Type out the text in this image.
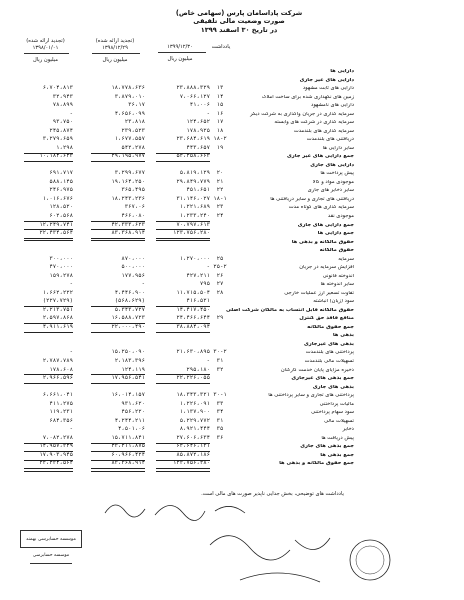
شرکت پاداسامان پارس (سهامی خاص)
صورت وضعیت مالی تلفیقی
در تاریخ ۳۰ اسفند ۱۳۹۹
یادداشت
۱۳۹۹/۱۲/۳۰
میلیون ریال
(تجدید ارائه شده)
۱۳۹۸/۱۲/۲۹
میلیون ریال
(تجدید ارائه شده)
۱۳۹۸/۰۱/۰۱
میلیون ریال
دارایی ها
دارایی های غیر جاری
دارایی های ثابت مشهود
۱۳
۲۳،۸۸۸،۳۲۹
۱۸،۷۷۸،۶۳۶
۶،۷۰۴،۸۱۳
زمین های نگهداری شده برای ساخت املاک
۱۴
۷،۰۶۶،۱۲۷
۳،۸۷۹،۰۱۰
۳۲،۹۴۳
دارایی های نامشهود
۱۵
۴۱،۰۰۶
۳۶،۱۷
۷۸،۸۹۹
سرمایه گذاری در جریان واگذاری به شرکت دیگر
۱۶
-
۴،۶۵۶،۰۹۹
-
سرمایه گذاری در شرکت های وابسته
۱۷
۱۲۴،۶۵۲
۲۳،۸۱۸
۹۳،۷۵۰
سرمایه گذاری های بلندمدت
۱۸
۱۷۸،۹۲۵
۲۳۹،۵۲۳
۲۴۵،۸۷۴
دریافتنی های بلندمدت
۱۸-۲
۲۳،۶۸۴،۶۱۹
۱،۶۷۷،۵۵۷
۳،۲۷۹،۶۵۹
سایر دارایی ها
۱۹
۴۴۳،۶۵۷
۵۴۲،۲۷۸
۱،۲۹۸
جمع دارایی های غیر جاری
۵۲،۲۵۸،۶۶۳
۲۹،۱۹۵،۹۷۷
۱۰،۱۸۴،۶۴۳
دارایی های جاری
پیش پرداخت ها
۲۰
۵،۸۱۹،۱۲۹
۳،۲۹۹،۶۷۷
۶۹۱،۷۱۷
موجودی مواد و کالا
۲۱
۲۹،۸۴۹،۷۷۹
۱۹،۱۶۴،۲۵۰
۵۸۸،۱۴۵
سایر ذخایر های جاری
۲۲
۴۵۱،۶۵۱
۳۶۵،۴۹۵
۲۴۶،۹۷۵
دریافتنی های تجاری و سایر دریافتنی ها
۱۸-۱
۳۱،۱۴۶،۰۲۷
۱۸،۲۴۳،۲۳۶
۱،۰۱۶،۶۷۶
سرمایه گذاری های کوتاه مدت
۲۳
۱،۲۲۱،۶۸۹
۳۶۷،۰۶
۱۲۸،۵۲۰
موجودی نقد
۲۴
۱،۲۳۳،۲۴۰
۴۶۶،۰۸۰
۶۰۲،۵۶۸
جمع دارایی های جاری
۷۰،۷۹۷،۶۱۳
۴۲،۳۳۳،۶۲۳
۱۲،۲۴۹،۷۴۱
جمع دارایی ها
۱۲۳،۷۵۶،۲۸۰
۸۳،۳۶۸،۹۱۴
۲۲،۴۳۴،۵۶۴
حقوق مالکانه و بدهی ها
حقوق مالکانه
سرمایه
۲۵
۱،۲۷۰،۰۰۰
۸۷۰،۰۰۰
۳۰۰،۰۰۰
افزایش سرمایه در جریان
۲۵-۲
-
۵۰۰،۰۰۰
۴۷۰،۰۰۰
اندوخته قانونی
۲۶
۴۲۷،۲۱۱
۱۷۷،۹۵۶
۱۵۹،۲۷۸
سایر اندوخته ها
۲۷
۷۹۵
-
-
تفاوت تسعیر ارز عملیات خارجی
۲۸
۱۱،۷۱۵،۵۰۴
۴،۴۴۶،۹۰۰
۱،۶۶۲،۲۲۲
سود (زیان) انباشته
۴۱۶،۵۲۱
(۵۶۸،۶۲۹)
(۲۲۷،۷۲۹)
حقوق مالکانه قابل انتساب به مالکان شرکت اصلی
۱۴،۴۱۷،۴۵۰
۵،۳۴۳،۷۲۷
۲،۲۱۳،۷۵۱
منافع فاقد حق کنترل
۲۹
۲۴،۴۶۶،۶۴۴
۱۶،۵۸۸،۷۲۳
۲،۵۹۷،۸۶۸
جمع حقوق مالکانه
۳۸،۸۸۴،۰۹۴
۲۲،۰۰۰،۴۹۰
۴،۹۱۱،۶۱۹
بدهی ها
بدهی های غیرجاری
پرداختنی های بلندمدت
۳۰-۲
۲۱،۶۳۰،۸۹۵
۱۵،۲۵۰،۰۹۰
-
تسهیلات مالی بلندمدت
۳۱
-
۲،۱۸۳،۳۹۶
۲،۷۸۷،۷۸۹
ذخیره مزایای پایان خدمت کارکنان
۳۲
۲۹۵،۱۸۰
۱۲۴،۱۱۹
۱۷۸،۶۰۸
جمع بدهی های غیرجاری
۲۲،۲۲۶،۰۵۵
۱۷،۹۵۶،۵۴۱
۲،۹۶۶،۵۹۶
بدهی های جاری
پرداختنی های تجاری و سایر پرداختنی ها
۳۰-۱
۱۸،۳۴۳،۳۲۱
۱۶،۰۱۴،۱۵۷
۶،۶۶۱،۰۴۱
مالیات پرداختنی
۳۳
۱،۲۲۶،۰۹۱
۹۳۱،۶۲۰
۴۱۱،۲۷۵
سود سهام پرداختنی
۳۴
۱،۱۳۷،۹۰۰
۴۵۶،۲۲۰
۱۱۹،۲۳۱
تسهیلات مالی
۳۱
۵،۲۲۹،۷۷۲
۴،۲۴۴،۲۱۱
۶۸۴،۳۵۶
ذخایر
۳۵
۸،۹۲۱،۴۴۴
۴،۵۰۱،۰۶
-
پیش دریافت ها
۳۶
۲۷،۶۰۶،۶۳۴
۱۵،۷۱۱،۸۴۱
۷،۰۸۲،۲۷۸
جمع بدهی های جاری
۶۲،۶۴۶،۱۳۱
۴۳،۲۱۱،۸۷۵
۱۴،۹۵۷،۳۴۹
جمع بدهی ها
۸۵،۸۷۲،۱۸۶
۶۰،۹۶۶،۴۲۴
۱۷،۹۰۳،۹۴۵
جمع حقوق مالکانه و بدهی ها
۱۲۳،۷۵۶،۲۸۰
۸۳،۳۶۸،۹۱۴
۲۲،۴۳۴،۵۶۴
یادداشت های توضیحی، بخش جدایی ناپذیر صورت های مالی است.
موسسه حسابرسی بهمند
موسسه حسابرسی
